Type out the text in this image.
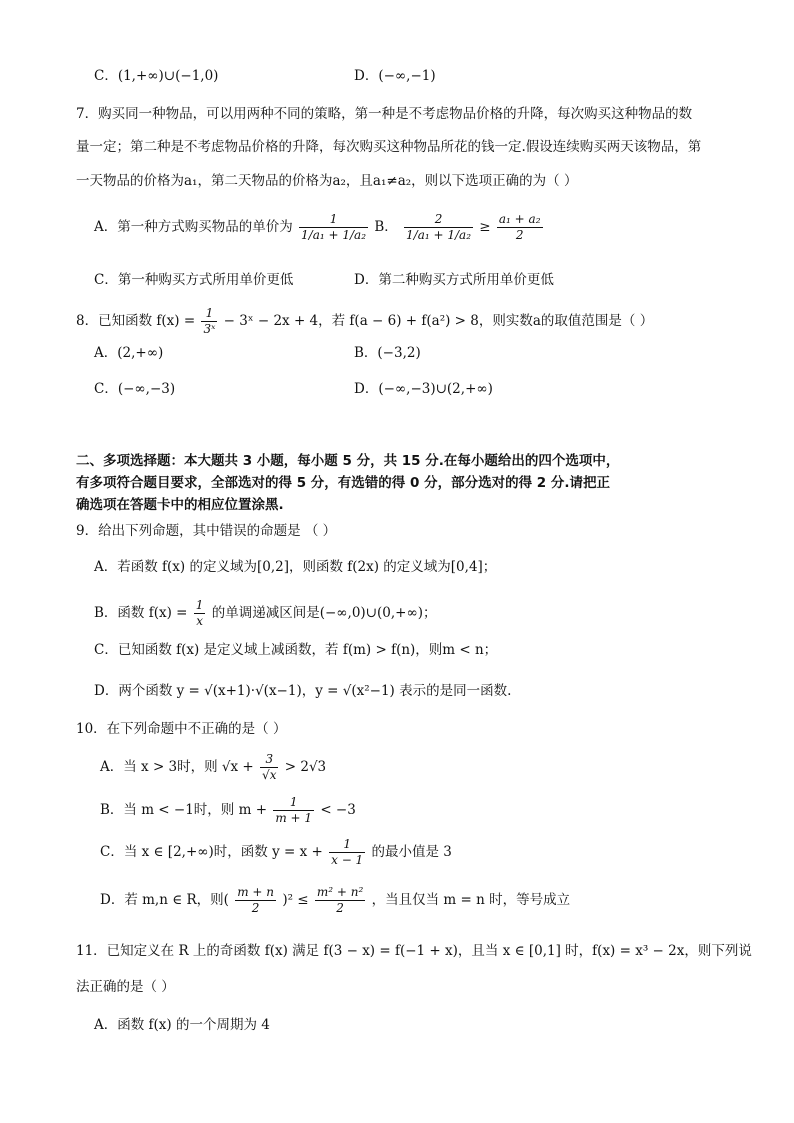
C．(1,+∞)∪(−1,0)	D．(−∞,−1)
7．购买同一种物品，可以用两种不同的策略，第一种是不考虑物品价格的升降，每次购买这种物品的数
量一定；第二种是不考虑物品价格的升降，每次购买这种物品所花的钱一定.假设连续购买两天该物品，第
一天物品的价格为a₁，第二天物品的价格为a₂，且a₁≠a₂，则以下选项正确的为（ ）
A．第一种方式购买物品的单价为 $\frac{1}{\text{1/a₁ + 1/a₂}}$ B． $\frac{2}{\text{1/a₁ + 1/a₂}} \ge \frac{\text{a₁ + a₂}}{2}$
C．第一种购买方式所用单价更低	D．第二种购买方式所用单价更低
8．已知函数 $f(x) = \frac{1}{\text{3ˣ}}$ − 3ˣ − 2x + 4，若 f(a − 6) + f(a²) > 8，则实数a的取值范围是（ ）
A．(2,+∞)	B．(−3,2)
C．(−∞,−3)	D．(−∞,−3)∪(2,+∞)
二、多项选择题：本大题共 3 小题，每小题 5 分，共 15 分.在每小题给出的四个选项中，
有多项符合题目要求，全部选对的得 5 分，有选错的得 0 分，部分选对的得 2 分.请把正
确选项在答题卡中的相应位置涂黑.
9．给出下列命题，其中错误的命题是 （ ）
A．若函数 f(x) 的定义域为[0,2]，则函数 f(2x) 的定义域为[0,4]；
B．函数 $f(x) = \frac{1}{x}$ 的单调递减区间是(−∞,0)∪(0,+∞)；
C．已知函数 f(x) 是定义域上减函数，若 f(m) > f(n)，则m < n；
D．两个函数 y = √(x+1)·√(x−1)，y = √(x²−1) 表示的是同一函数.
10．在下列命题中不正确的是（ ）
A．当 x > 3时，则 $√x + \frac{3}{√x} > 2√3$
B．当 m < −1时，则 $m + \frac{1}{m + 1} < -3$
C．当 x ∈ [2,+∞)时，函数 $y = x + \frac{1}{x - 1}$ 的最小值是 3
D．若 m,n ∈ R，则( $\frac{m + n}{2} )^2 \le \frac{\text{m² + n²}}{2}$ ，当且仅当 m = n 时，等号成立
11．已知定义在 R 上的奇函数 f(x) 满足 f(3 − x) = f(−1 + x)，且当 x ∈ [0,1] 时，f(x) = x³ − 2x，则下列说
法正确的是（ ）
A．函数 f(x) 的一个周期为 4
